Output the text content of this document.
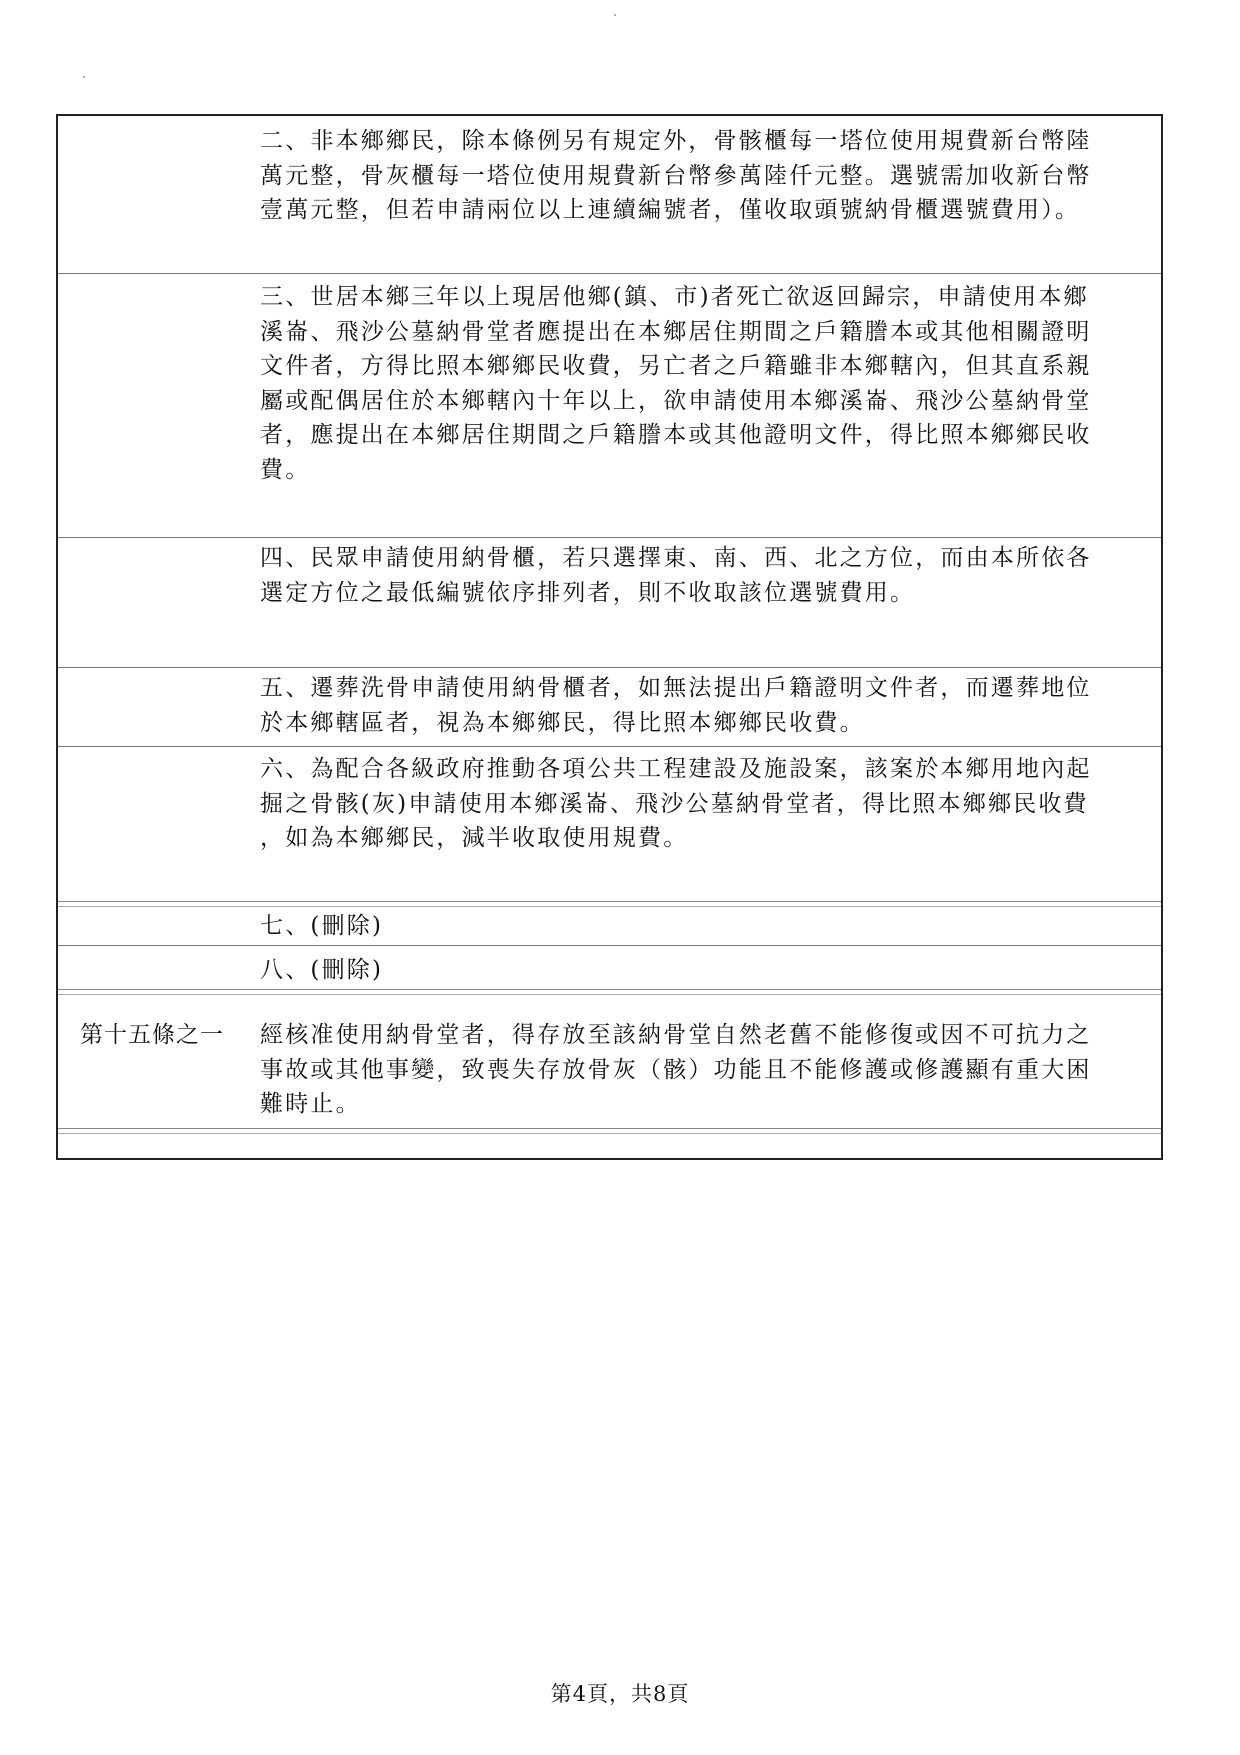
二、非本鄉鄉民，除本條例另有規定外，骨骸櫃每一塔位使用規費新台幣陸
萬元整，骨灰櫃每一塔位使用規費新台幣參萬陸仟元整。選號需加收新台幣
壹萬元整，但若申請兩位以上連續編號者，僅收取頭號納骨櫃選號費用）。
三、世居本鄉三年以上現居他鄉(鎮、市)者死亡欲返回歸宗，申請使用本鄉
溪崙、飛沙公墓納骨堂者應提出在本鄉居住期間之戶籍謄本或其他相關證明
文件者，方得比照本鄉鄉民收費，另亡者之戶籍雖非本鄉轄內，但其直系親
屬或配偶居住於本鄉轄內十年以上，欲申請使用本鄉溪崙、飛沙公墓納骨堂
者，應提出在本鄉居住期間之戶籍謄本或其他證明文件，得比照本鄉鄉民收
費。
四、民眾申請使用納骨櫃，若只選擇東、南、西、北之方位，而由本所依各
選定方位之最低編號依序排列者，則不收取該位選號費用。
五、遷葬洗骨申請使用納骨櫃者，如無法提出戶籍證明文件者，而遷葬地位
於本鄉轄區者，視為本鄉鄉民，得比照本鄉鄉民收費。
六、為配合各級政府推動各項公共工程建設及施設案，該案於本鄉用地內起
掘之骨骸(灰)申請使用本鄉溪崙、飛沙公墓納骨堂者，得比照本鄉鄉民收費
，如為本鄉鄉民，減半收取使用規費。
七、(刪除)
八、(刪除)
第十五條之一 經核准使用納骨堂者，得存放至該納骨堂自然老舊不能修復或因不可抗力之
事故或其他事變，致喪失存放骨灰（骸）功能且不能修護或修護顯有重大困
難時止。
第4頁，共8頁
